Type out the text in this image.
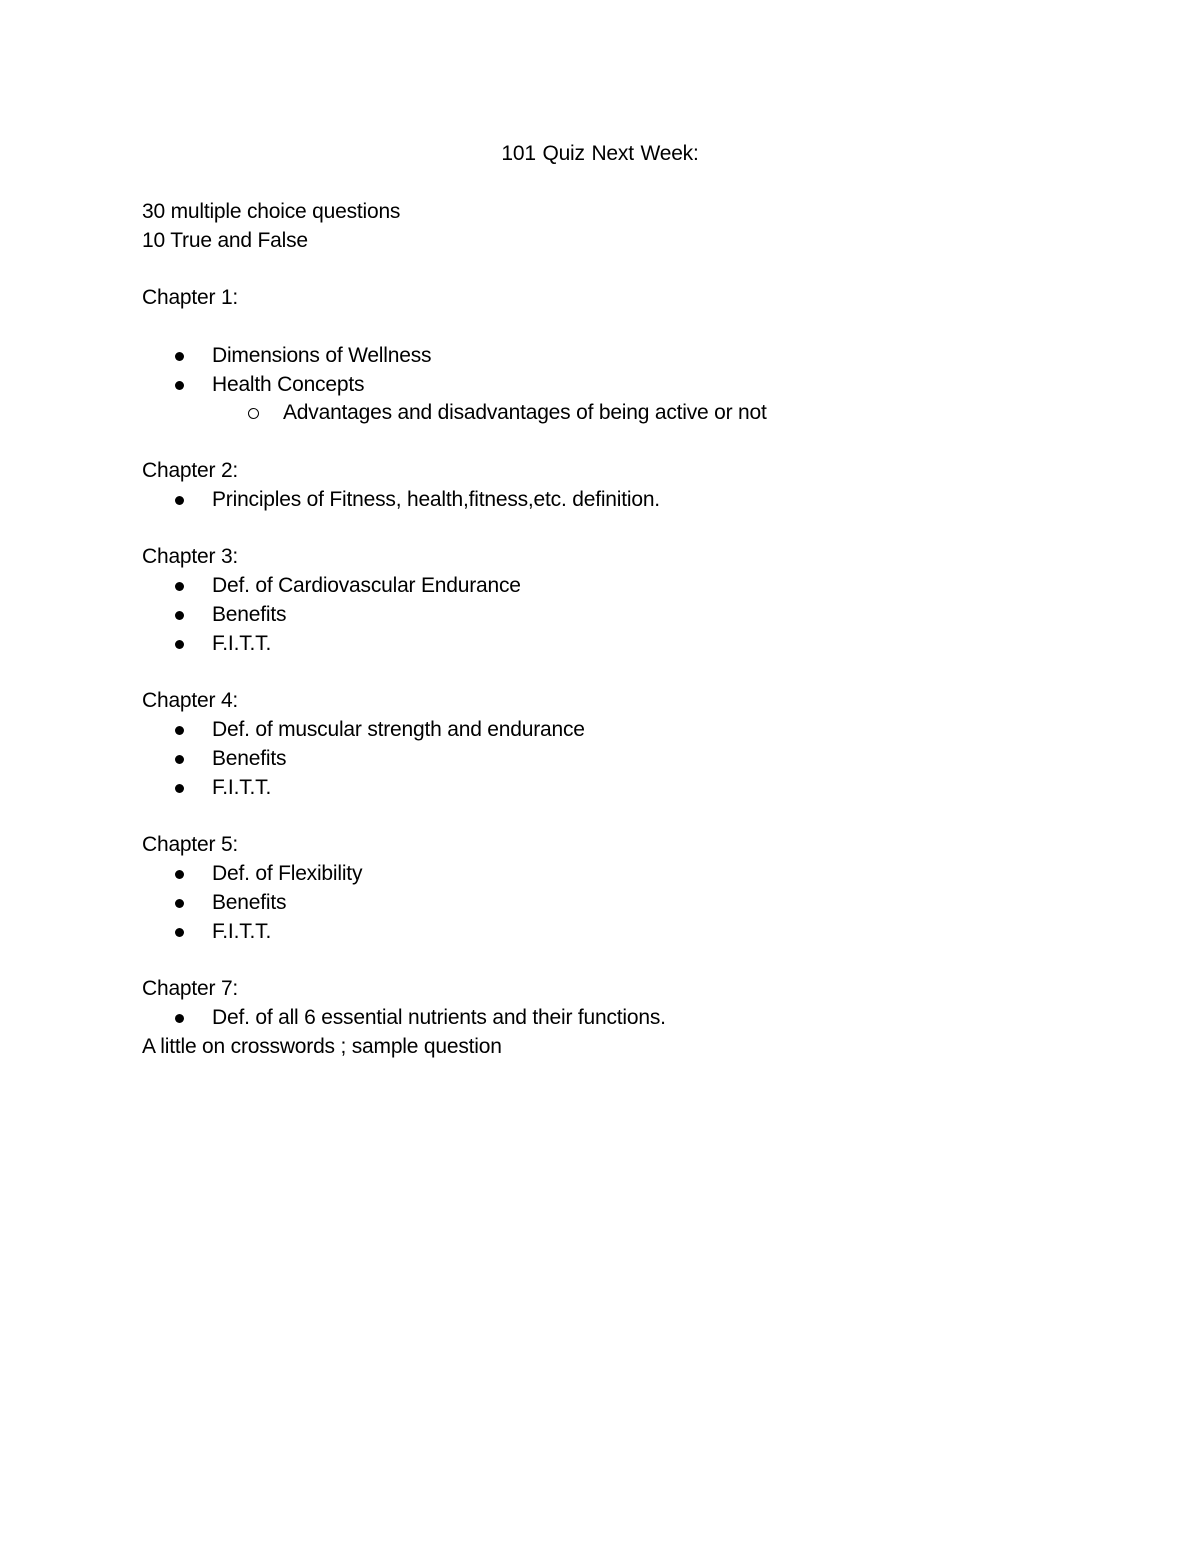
101 Quiz Next Week:

30 multiple choice questions

10 True and False

Chapter 1:

Dimensions of Wellness
Health Concepts
Advantages and disadvantages of being active or not

Chapter 2:

Principles of Fitness, health,fitness,etc. definition.

Chapter 3:

Def. of Cardiovascular Endurance
Benefits
F.I.T.T.

Chapter 4:

Def. of muscular strength and endurance
Benefits
F.I.T.T.

Chapter 5:

Def. of Flexibility
Benefits
F.I.T.T.

Chapter 7:

Def. of all 6 essential nutrients and their functions.

A little on crosswords ; sample question
